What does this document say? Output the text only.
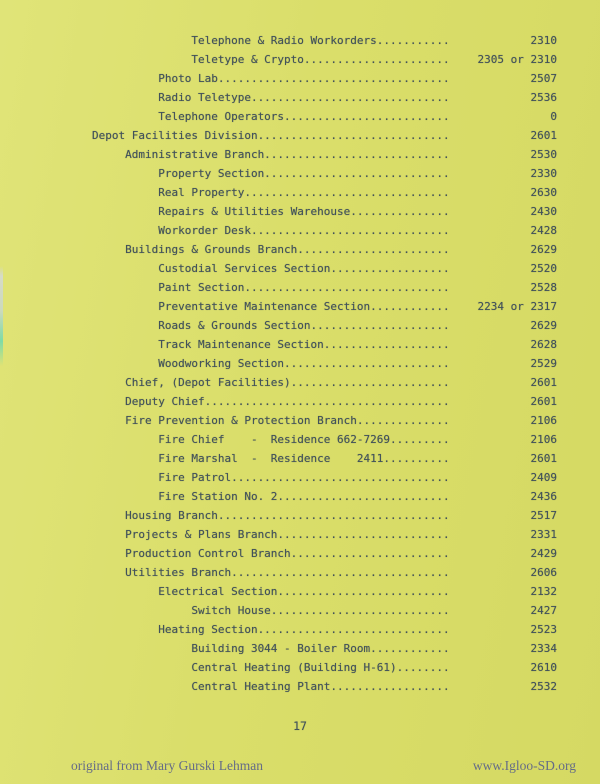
Telephone & Radio Workorders...........	2310
Teletype & Crypto......................	2305 or 2310
Photo Lab...................................	2507
Radio Teletype..............................	2536
Telephone Operators.........................	0
Depot Facilities Division.............................	2601
Administrative Branch............................	2530
Property Section............................	2330
Real Property...............................	2630
Repairs & Utilities Warehouse...............	2430
Workorder Desk..............................	2428
Buildings & Grounds Branch.......................	2629
Custodial Services Section..................	2520
Paint Section...............................	2528
Preventative Maintenance Section............	2234 or 2317
Roads & Grounds Section.....................	2629
Track Maintenance Section...................	2628
Woodworking Section.........................	2529
Chief, (Depot Facilities)........................	2601
Deputy Chief.....................................	2601
Fire Prevention & Protection Branch..............	2106
Fire Chief    -  Residence 662-7269.........	2106
Fire Marshal  -  Residence    2411..........	2601
Fire Patrol.................................	2409
Fire Station No. 2..........................	2436
Housing Branch...................................	2517
Projects & Plans Branch..........................	2331
Production Control Branch........................	2429
Utilities Branch.................................	2606
Electrical Section..........................	2132
Switch House...........................	2427
Heating Section.............................	2523
Building 3044 - Boiler Room............	2334
Central Heating (Building H-61)........	2610
Central Heating Plant..................	2532
17
original from Mary Gurski Lehman	www.Igloo-SD.org
